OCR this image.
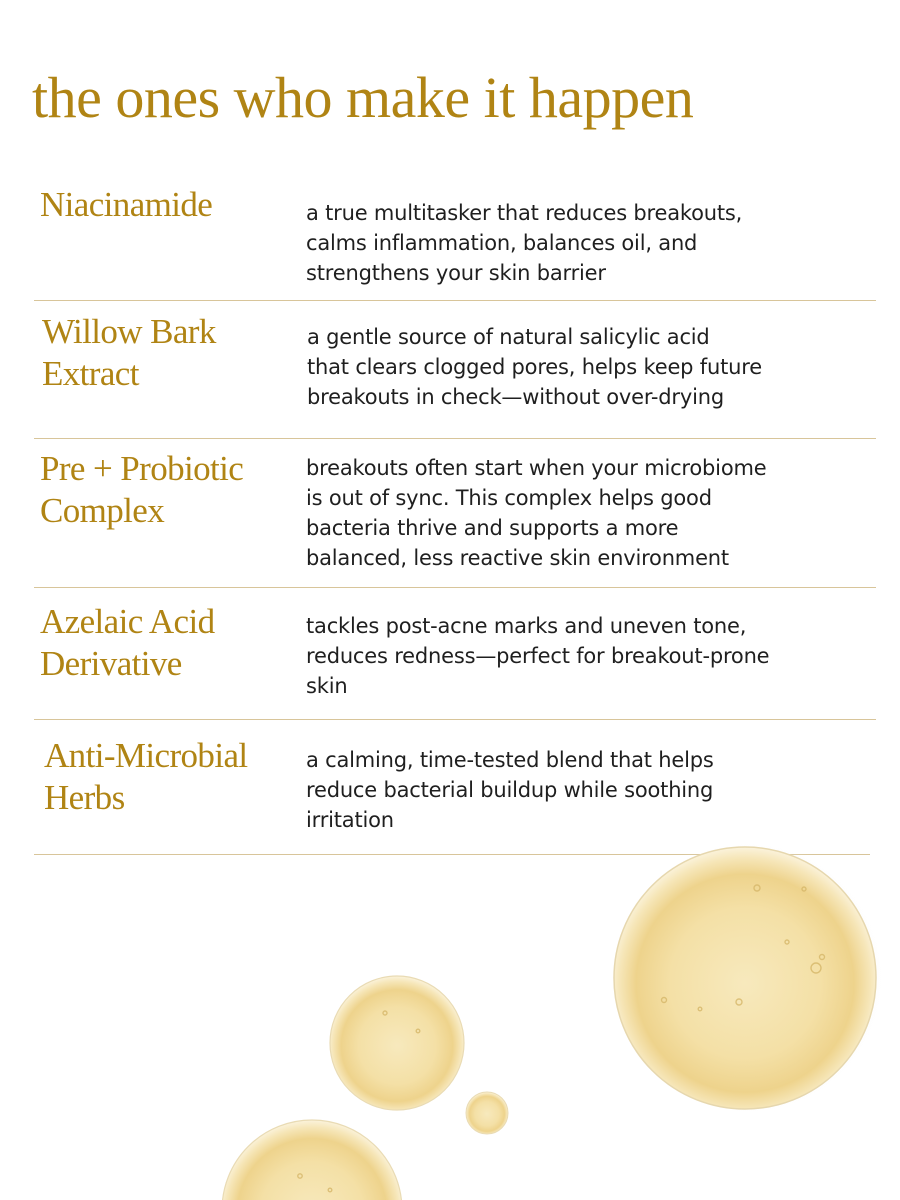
the ones who make it happen
Niacinamide	a true multitasker that reduces breakouts,
calms inflammation, balances oil, and
strengthens your skin barrier

Willow Bark
Extract

a gentle source of natural salicylic acid
that clears clogged pores, helps keep future
breakouts in check—without over-drying

Pre + Probiotic
Complex

breakouts often start when your microbiome
is out of sync. This complex helps good
bacteria thrive and supports a more
balanced, less reactive skin environment

Azelaic Acid
Derivative

tackles post-acne marks and uneven tone,
reduces redness—perfect for breakout-prone
skin

Anti-Microbial
Herbs

a calming, time-tested blend that helps
reduce bacterial buildup while soothing
irritation
